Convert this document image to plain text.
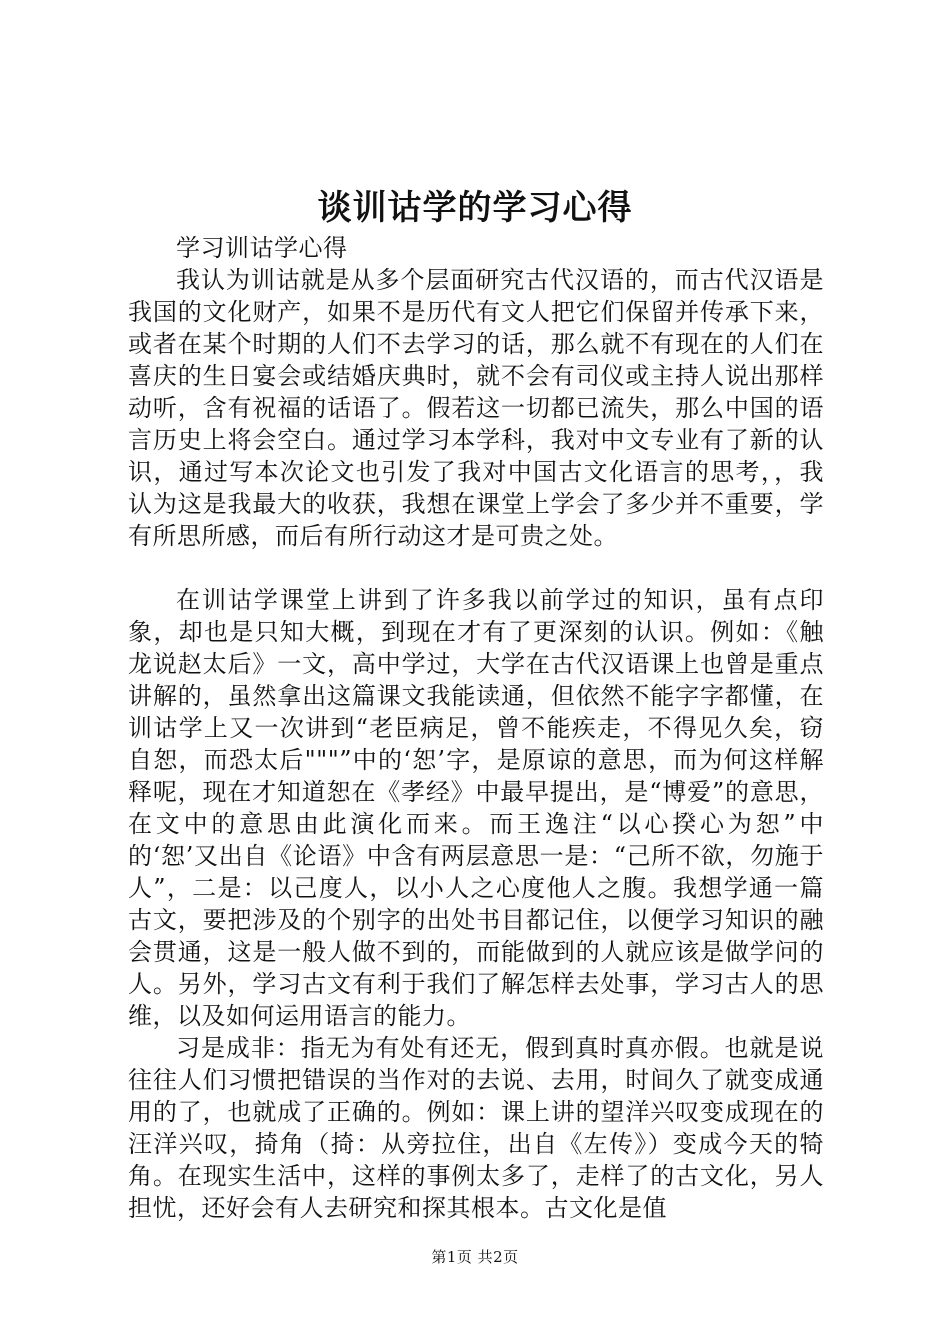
谈训诂学的学习心得

学习训诂学心得

我认为训诂就是从多个层面研究古代汉语的，而古代汉语是我国的文化财产，如果不是历代有文人把它们保留并传承下来，或者在某个时期的人们不去学习的话，那么就不有现在的人们在喜庆的生日宴会或结婚庆典时，就不会有司仪或主持人说出那样动听，含有祝福的话语了。假若这一切都已流失，那么中国的语言历史上将会空白。通过学习本学科，我对中文专业有了新的认识，通过写本次论文也引发了我对中国古文化语言的思考，，我认为这是我最大的收获，我想在课堂上学会了多少并不重要，学有所思所感，而后有所行动这才是可贵之处。

在训诂学课堂上讲到了许多我以前学过的知识，虽有点印象，却也是只知大概，到现在才有了更深刻的认识。例如：《触龙说赵太后》一文，高中学过，大学在古代汉语课上也曾是重点讲解的，虽然拿出这篇课文我能读通，但依然不能字字都懂，在训诂学上又一次讲到“老臣病足，曾不能疾走，不得见久矣，窃自恕，而恐太后"""”中的‘恕’字，是原谅的意思，而为何这样解释呢，现在才知道恕在《孝经》中最早提出，是“博爱”的意思，在文中的意思由此演化而来。而王逸注“以心揆心为恕”中的‘恕’又出自《论语》中含有两层意思一是：“己所不欲，勿施于人”，二是：以己度人，以小人之心度他人之腹。我想学通一篇古文，要把涉及的个别字的出处书目都记住，以便学习知识的融会贯通，这是一般人做不到的，而能做到的人就应该是做学问的人。另外，学习古文有利于我们了解怎样去处事，学习古人的思维，以及如何运用语言的能力。

习是成非：指无为有处有还无，假到真时真亦假。也就是说往往人们习惯把错误的当作对的去说、去用，时间久了就变成通用的了，也就成了正确的。例如：课上讲的望洋兴叹变成现在的汪洋兴叹，掎角（掎：从旁拉住，出自《左传》）变成今天的犄角。在现实生活中，这样的事例太多了，走样了的古文化，另人担忧，还好会有人去研究和探其根本。古文化是值

第1页 共2页
